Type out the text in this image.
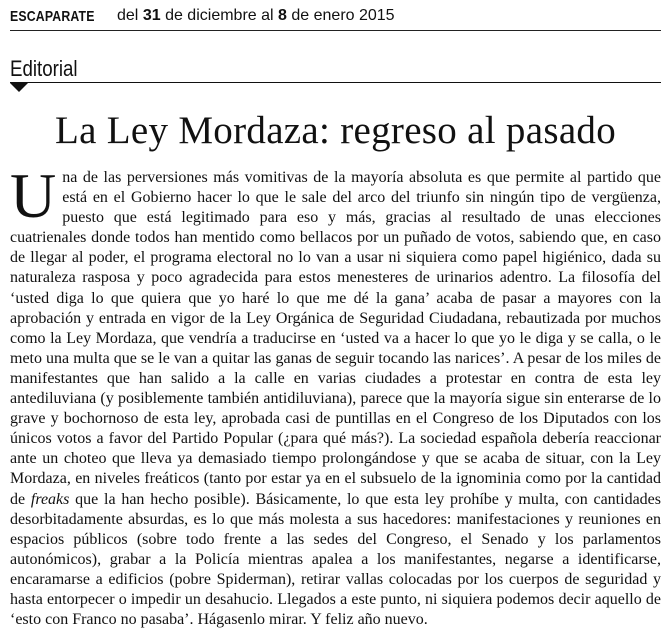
ESCAPARATE del 31 de diciembre al 8 de enero 2015
Editorial
La Ley Mordaza: regreso al pasado
U na de las perversiones más vomitivas de la mayoría absoluta es que permite al partido que está en el Gobierno hacer lo que le sale del arco del triunfo sin ningún tipo de vergüenza, puesto que está legitimado para eso y más, gracias al resultado de unas elecciones cuatrienales donde todos han mentido como bellacos por un puñado de votos, sabiendo que, en caso de llegar al poder, el programa electoral no lo van a usar ni siquiera como papel higiénico, dada su naturaleza rasposa y poco agradecida para estos menesteres de urinarios adentro. La filosofía del ‘usted diga lo que quiera que yo haré lo que me dé la gana’ acaba de pasar a mayores con la aprobación y entrada en vigor de la Ley Orgánica de Seguridad Ciudadana, rebautizada por muchos como la Ley Mordaza, que vendría a traducirse en ‘usted va a hacer lo que yo le diga y se calla, o le meto una multa que se le van a quitar las ganas de seguir tocando las narices’. A pesar de los miles de manifestantes que han salido a la calle en varias ciudades a protestar en contra de esta ley antediluviana (y posiblemente también antidiluviana), parece que la mayoría sigue sin enterarse de lo grave y bochornoso de esta ley, aprobada casi de puntillas en el Congreso de los Diputados con los únicos votos a favor del Partido Popular (¿para qué más?). La sociedad española debería reaccionar ante un choteo que lleva ya demasiado tiempo prolongándose y que se acaba de situar, con la Ley Mordaza, en niveles freáticos (tanto por estar ya en el subsuelo de la ignominia como por la cantidad de freaks que la han hecho posible). Básicamente, lo que esta ley prohíbe y multa, con cantidades desorbitadamente absurdas, es lo que más molesta a sus hacedores: manifestaciones y reuniones en espacios públicos (sobre todo frente a las sedes del Congreso, el Senado y los parlamentos autonómicos), grabar a la Policía mientras apalea a los manifestantes, negarse a identificarse, encaramarse a edificios (pobre Spiderman), retirar vallas colocadas por los cuerpos de seguridad y hasta entorpecer o impedir un desahucio. Llegados a este punto, ni siquiera podemos decir aquello de ‘esto con Franco no pasaba’. Hágasenlo mirar. Y feliz año nuevo.
